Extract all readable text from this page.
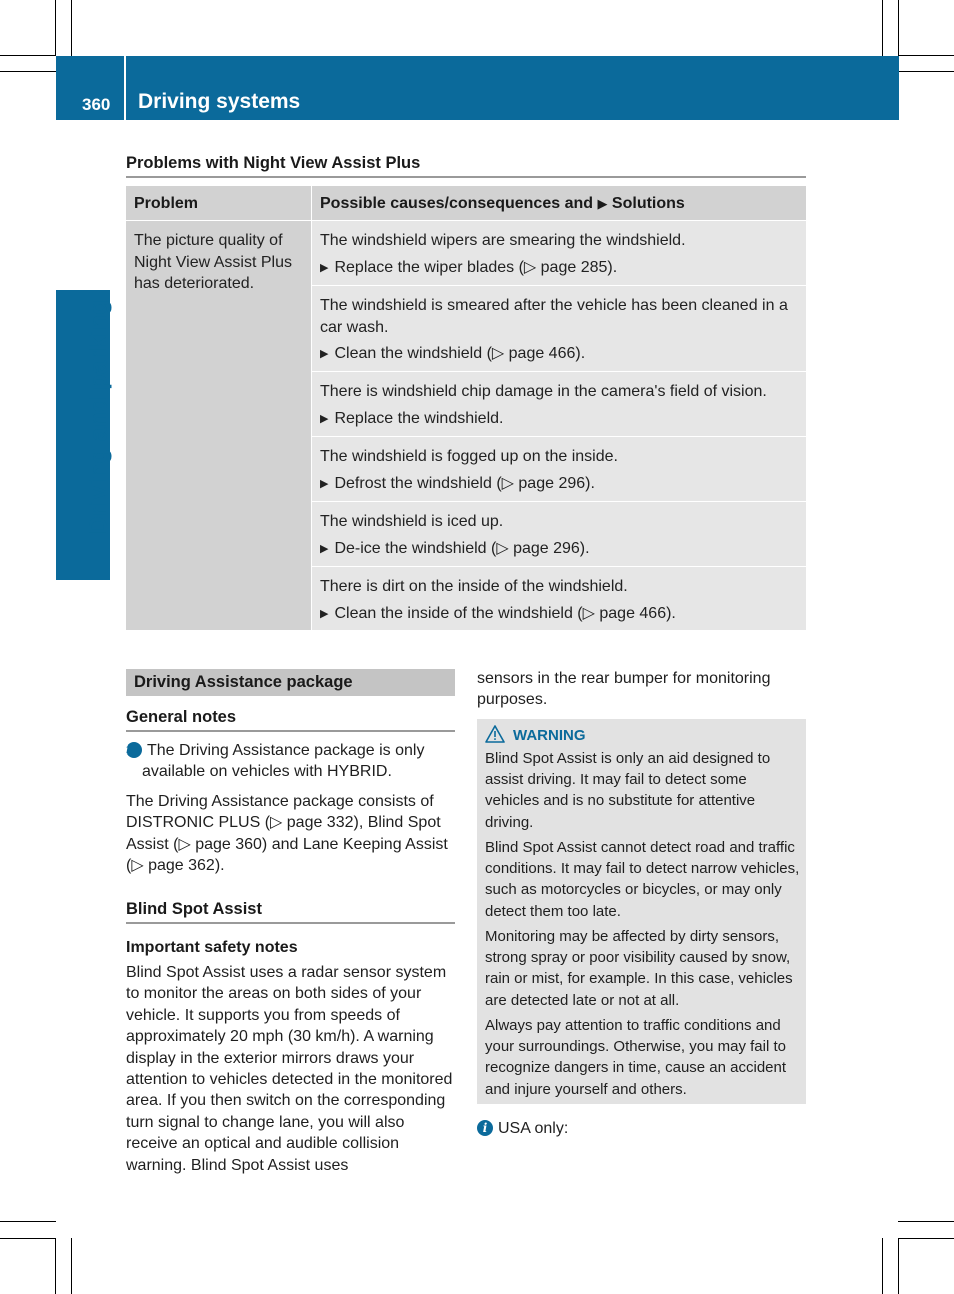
360 Driving systems
Driving and parking
Problems with Night View Assist Plus
Problem	Possible causes/consequences and ▶ Solutions
The picture quality of Night View Assist Plus has deteriorated.
The windshield wipers are smearing the windshield.
▶ Replace the wiper blades (▷ page 285).
The windshield is smeared after the vehicle has been cleaned in a car wash.
▶ Clean the windshield (▷ page 466).
There is windshield chip damage in the camera's field of vision.
▶ Replace the windshield.
The windshield is fogged up on the inside.
▶ Defrost the windshield (▷ page 296).
The windshield is iced up.
▶ De-ice the windshield (▷ page 296).
There is dirt on the inside of the windshield.
▶ Clean the inside of the windshield (▷ page 466).
Driving Assistance package
General notes
i The Driving Assistance package is only available on vehicles with HYBRID.
The Driving Assistance package consists of DISTRONIC PLUS (▷ page 332), Blind Spot Assist (▷ page 360) and Lane Keeping Assist (▷ page 362).
Blind Spot Assist
Important safety notes
Blind Spot Assist uses a radar sensor system to monitor the areas on both sides of your vehicle. It supports you from speeds of approximately 20 mph (30 km/h). A warning display in the exterior mirrors draws your attention to vehicles detected in the monitored area. If you then switch on the corresponding turn signal to change lane, you will also receive an optical and audible collision warning. Blind Spot Assist uses
sensors in the rear bumper for monitoring purposes.
WARNING
Blind Spot Assist is only an aid designed to assist driving. It may fail to detect some vehicles and is no substitute for attentive driving.
Blind Spot Assist cannot detect road and traffic conditions. It may fail to detect narrow vehicles, such as motorcycles or bicycles, or may only detect them too late.
Monitoring may be affected by dirty sensors, strong spray or poor visibility caused by snow, rain or mist, for example. In this case, vehicles are detected late or not at all.
Always pay attention to traffic conditions and your surroundings. Otherwise, you may fail to recognize dangers in time, cause an accident and injure yourself and others.
i USA only:
